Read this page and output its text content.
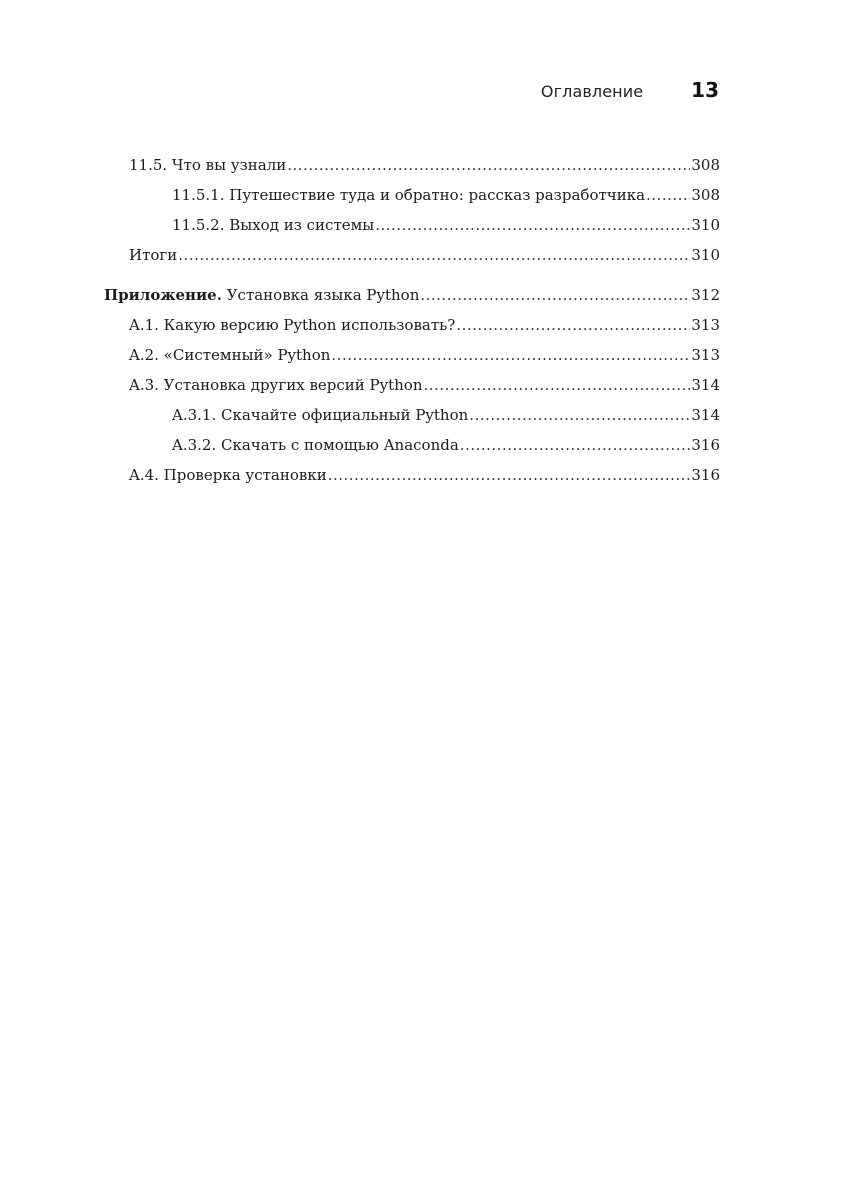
Оглавление 13
11.5. Что вы узнали .....	308
11.5.1. Путешествие туда и обратно: рассказ разработчика .....	308
11.5.2. Выход из системы .....	310
Итоги .....	310
Приложение. Установка языка Python .....	312
A.1. Какую версию Python использовать? .....	313
A.2. «Системный» Python .....	313
A.3. Установка других версий Python .....	314
A.3.1. Скачайте официальный Python .....	314
A.3.2. Скачать с помощью Anaconda .....	316
A.4. Проверка установки .....	316
